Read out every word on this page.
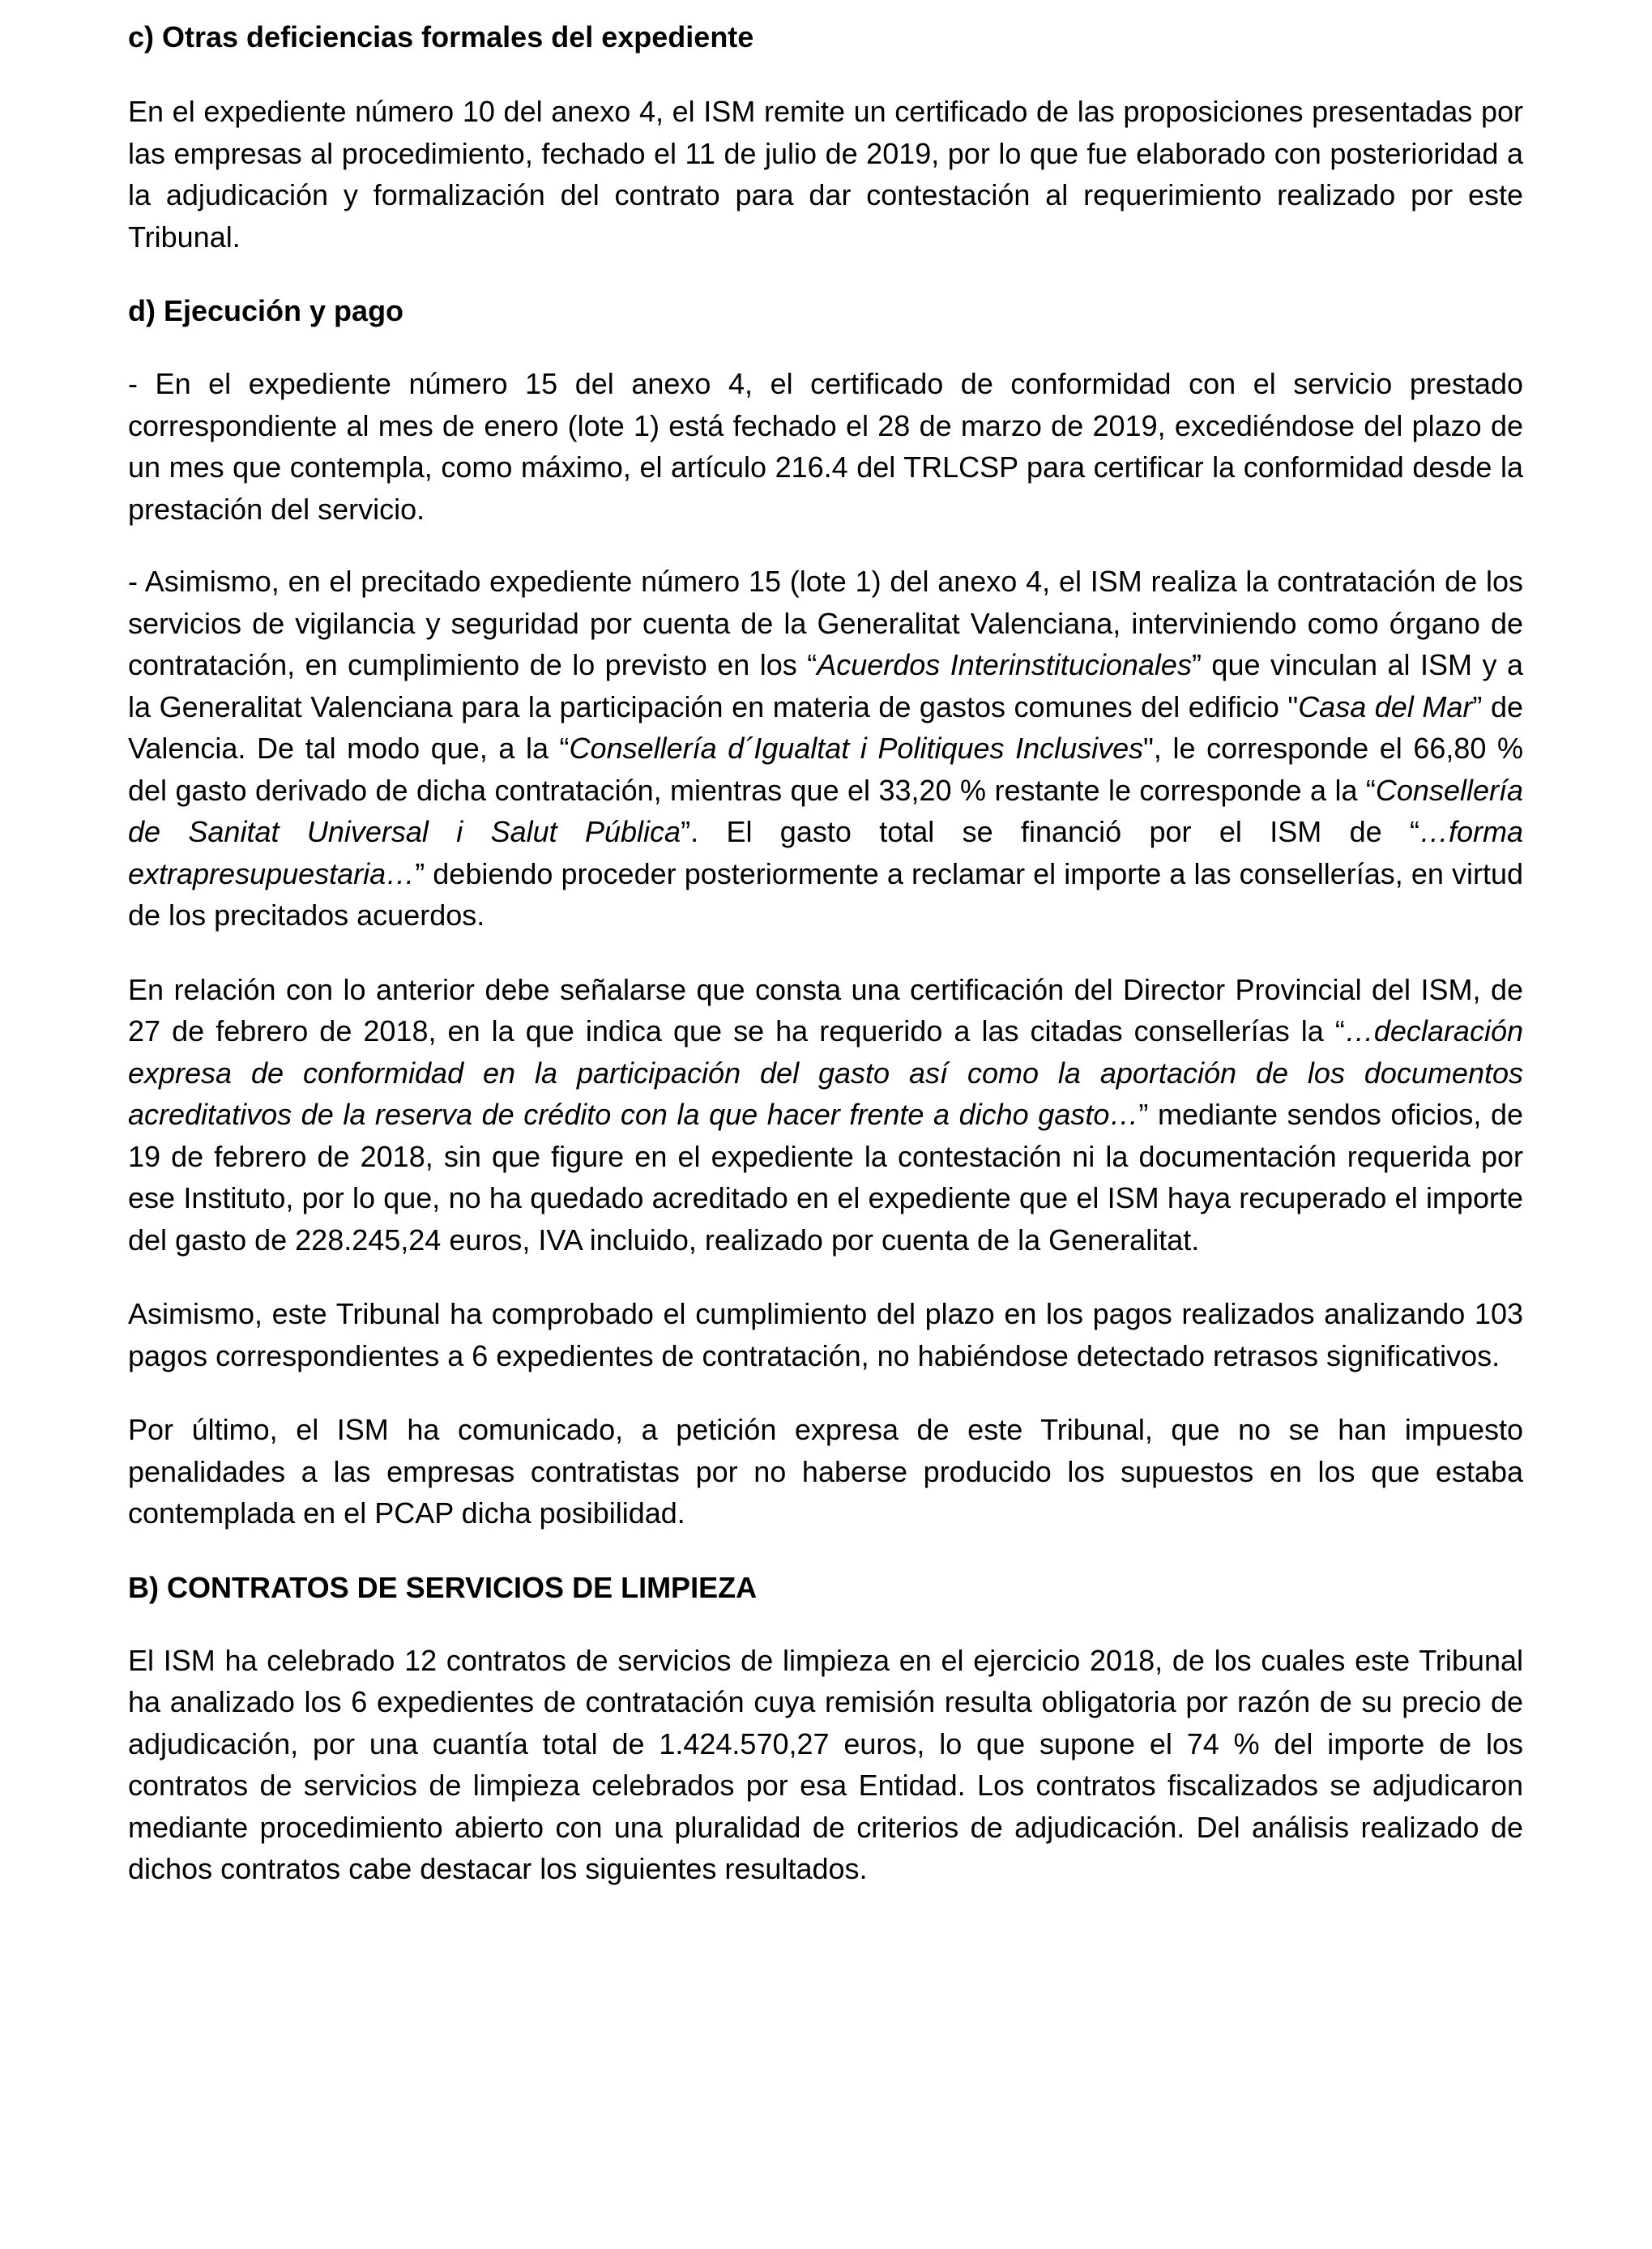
c) Otras deficiencias formales del expediente

En el expediente número 10 del anexo 4, el ISM remite un certificado de las proposiciones presentadas por las empresas al procedimiento, fechado el 11 de julio de 2019, por lo que fue elaborado con posterioridad a la adjudicación y formalización del contrato para dar contestación al requerimiento realizado por este Tribunal.

d) Ejecución y pago

- En el expediente número 15 del anexo 4, el certificado de conformidad con el servicio prestado correspondiente al mes de enero (lote 1) está fechado el 28 de marzo de 2019, excediéndose del plazo de un mes que contempla, como máximo, el artículo 216.4 del TRLCSP para certificar la conformidad desde la prestación del servicio.

- Asimismo, en el precitado expediente número 15 (lote 1) del anexo 4, el ISM realiza la contratación de los servicios de vigilancia y seguridad por cuenta de la Generalitat Valenciana, interviniendo como órgano de contratación, en cumplimiento de lo previsto en los “Acuerdos Interinstitucionales” que vinculan al ISM y a la Generalitat Valenciana para la participación en materia de gastos comunes del edificio "Casa del Mar” de Valencia. De tal modo que, a la “Consellería d´Igualtat i Politiques Inclusives", le corresponde el 66,80 % del gasto derivado de dicha contratación, mientras que el 33,20 % restante le corresponde a la “Consellería de Sanitat Universal i Salut Pública”. El gasto total se financió por el ISM de “…forma extrapresupuestaria…” debiendo proceder posteriormente a reclamar el importe a las consellerías, en virtud de los precitados acuerdos.

En relación con lo anterior debe señalarse que consta una certificación del Director Provincial del ISM, de 27 de febrero de 2018, en la que indica que se ha requerido a las citadas consellerías la “…declaración expresa de conformidad en la participación del gasto así como la aportación de los documentos acreditativos de la reserva de crédito con la que hacer frente a dicho gasto…” mediante sendos oficios, de 19 de febrero de 2018, sin que figure en el expediente la contestación ni la documentación requerida por ese Instituto, por lo que, no ha quedado acreditado en el expediente que el ISM haya recuperado el importe del gasto de 228.245,24 euros, IVA incluido, realizado por cuenta de la Generalitat.

Asimismo, este Tribunal ha comprobado el cumplimiento del plazo en los pagos realizados analizando 103 pagos correspondientes a 6 expedientes de contratación, no habiéndose detectado retrasos significativos.

Por último, el ISM ha comunicado, a petición expresa de este Tribunal, que no se han impuesto penalidades a las empresas contratistas por no haberse producido los supuestos en los que estaba contemplada en el PCAP dicha posibilidad.

B) CONTRATOS DE SERVICIOS DE LIMPIEZA

El ISM ha celebrado 12 contratos de servicios de limpieza en el ejercicio 2018, de los cuales este Tribunal ha analizado los 6 expedientes de contratación cuya remisión resulta obligatoria por razón de su precio de adjudicación, por una cuantía total de 1.424.570,27 euros, lo que supone el 74 % del importe de los contratos de servicios de limpieza celebrados por esa Entidad. Los contratos fiscalizados se adjudicaron mediante procedimiento abierto con una pluralidad de criterios de adjudicación. Del análisis realizado de dichos contratos cabe destacar los siguientes resultados.
